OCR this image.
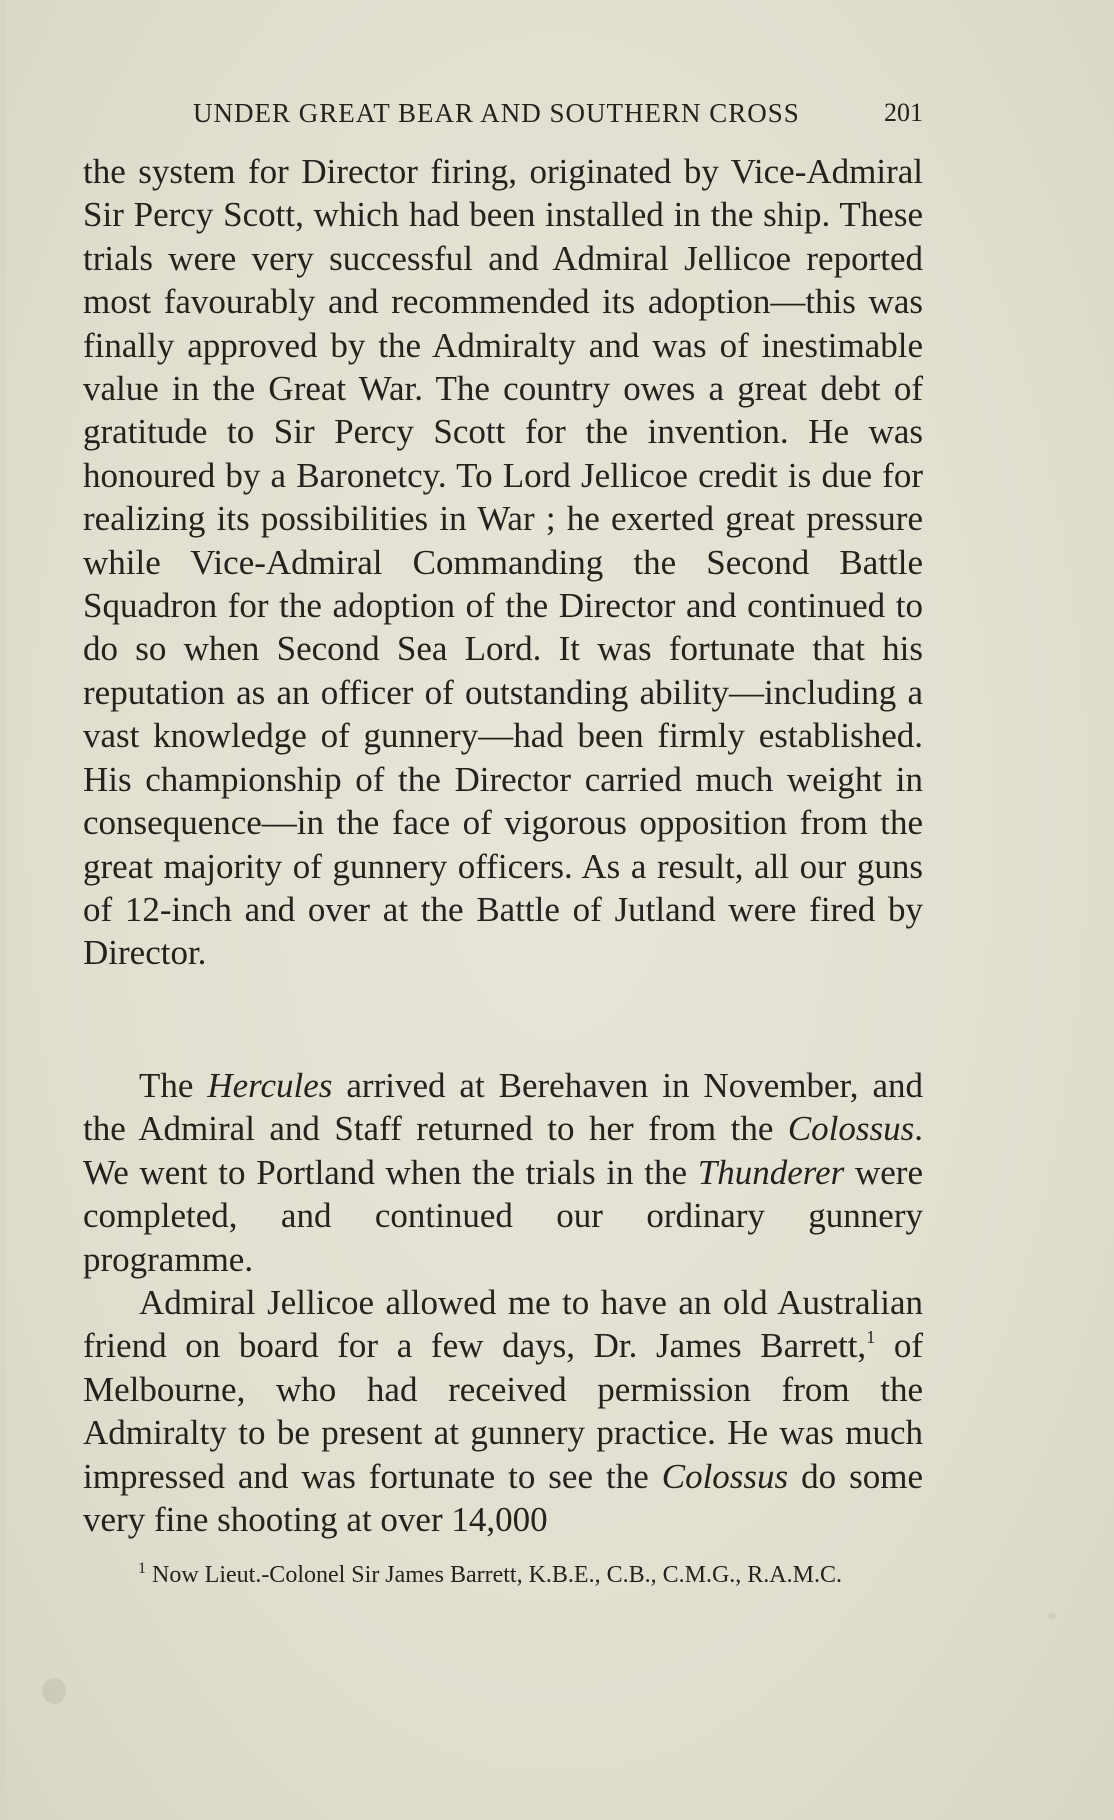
UNDER GREAT BEAR AND SOUTHERN CROSS	201

the system for Director firing, originated by Vice-Admiral Sir Percy Scott, which had been installed in the ship. These trials were very successful and Admiral Jellicoe reported most favourably and recommended its adoption—this was finally approved by the Admiralty and was of inestimable value in the Great War. The country owes a great debt of gratitude to Sir Percy Scott for the invention. He was honoured by a Baronetcy. To Lord Jellicoe credit is due for realizing its possibilities in War ; he exerted great pressure while Vice-Admiral Commanding the Second Battle Squadron for the adoption of the Director and continued to do so when Second Sea Lord. It was fortunate that his reputation as an officer of outstanding ability—including a vast knowledge of gunnery—had been firmly established. His championship of the Director carried much weight in consequence—in the face of vigorous opposition from the great majority of gunnery officers. As a result, all our guns of 12-inch and over at the Battle of Jutland were fired by Director.

The Hercules arrived at Berehaven in November, and the Admiral and Staff returned to her from the Colossus. We went to Portland when the trials in the Thunderer were completed, and continued our ordinary gunnery programme.

Admiral Jellicoe allowed me to have an old Australian friend on board for a few days, Dr. James Barrett,$^1$ of Melbourne, who had received permission from the Admiralty to be present at gunnery practice. He was much impressed and was fortunate to see the Colossus do some very fine shooting at over 14,000

$^1$ Now Lieut.-Colonel Sir James Barrett, K.B.E., C.B., C.M.G., R.A.M.C.
